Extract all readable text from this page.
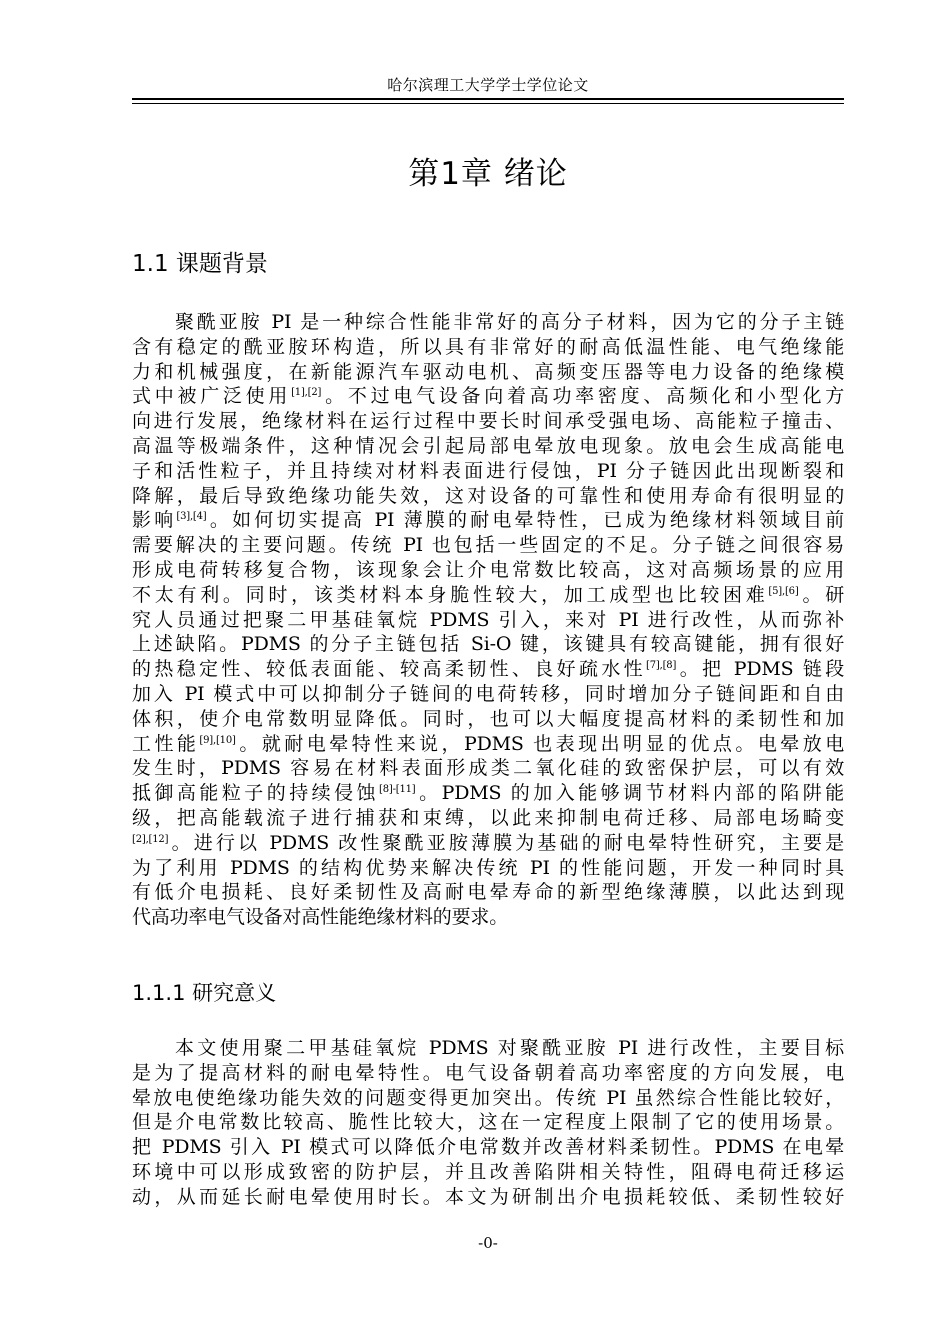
哈尔滨理工大学学士学位论文
第1章 绪论
1.1 课题背景
聚酰亚胺 PI 是一种综合性能非常好的高分子材料，因为它的分子主链
含有稳定的酰亚胺环构造，所以具有非常好的耐高低温性能、电气绝缘能
力和机械强度，在新能源汽车驱动电机、高频变压器等电力设备的绝缘模
式中被广泛使用[1],[2]。不过电气设备向着高功率密度、高频化和小型化方
向进行发展，绝缘材料在运行过程中要长时间承受强电场、高能粒子撞击、
高温等极端条件，这种情况会引起局部电晕放电现象。放电会生成高能电
子和活性粒子，并且持续对材料表面进行侵蚀，PI 分子链因此出现断裂和
降解，最后导致绝缘功能失效，这对设备的可靠性和使用寿命有很明显的
影响[3],[4]。如何切实提高 PI 薄膜的耐电晕特性，已成为绝缘材料领域目前
需要解决的主要问题。传统 PI 也包括一些固定的不足。分子链之间很容易
形成电荷转移复合物，该现象会让介电常数比较高，这对高频场景的应用
不太有利。同时，该类材料本身脆性较大，加工成型也比较困难[5],[6]。研
究人员通过把聚二甲基硅氧烷 PDMS 引入，来对 PI 进行改性，从而弥补
上述缺陷。PDMS 的分子主链包括 Si-O 键，该键具有较高键能，拥有很好
的热稳定性、较低表面能、较高柔韧性、良好疏水性[7],[8]。把 PDMS 链段
加入 PI 模式中可以抑制分子链间的电荷转移，同时增加分子链间距和自由
体积，使介电常数明显降低。同时，也可以大幅度提高材料的柔韧性和加
工性能[9],[10]。就耐电晕特性来说，PDMS 也表现出明显的优点。电晕放电
发生时，PDMS 容易在材料表面形成类二氧化硅的致密保护层，可以有效
抵御高能粒子的持续侵蚀[8]-[11]。PDMS 的加入能够调节材料内部的陷阱能
级，把高能载流子进行捕获和束缚，以此来抑制电荷迁移、局部电场畸变
[2],[12]。进行以 PDMS 改性聚酰亚胺薄膜为基础的耐电晕特性研究，主要是
为了利用 PDMS 的结构优势来解决传统 PI 的性能问题，开发一种同时具
有低介电损耗、良好柔韧性及高耐电晕寿命的新型绝缘薄膜，以此达到现
代高功率电气设备对高性能绝缘材料的要求。
1.1.1 研究意义
本文使用聚二甲基硅氧烷 PDMS 对聚酰亚胺 PI 进行改性，主要目标
是为了提高材料的耐电晕特性。电气设备朝着高功率密度的方向发展，电
晕放电使绝缘功能失效的问题变得更加突出。传统 PI 虽然综合性能比较好，
但是介电常数比较高、脆性比较大，这在一定程度上限制了它的使用场景。
把 PDMS 引入 PI 模式可以降低介电常数并改善材料柔韧性。PDMS 在电晕
环境中可以形成致密的防护层，并且改善陷阱相关特性，阻碍电荷迁移运
动，从而延长耐电晕使用时长。本文为研制出介电损耗较低、柔韧性较好
-0-
